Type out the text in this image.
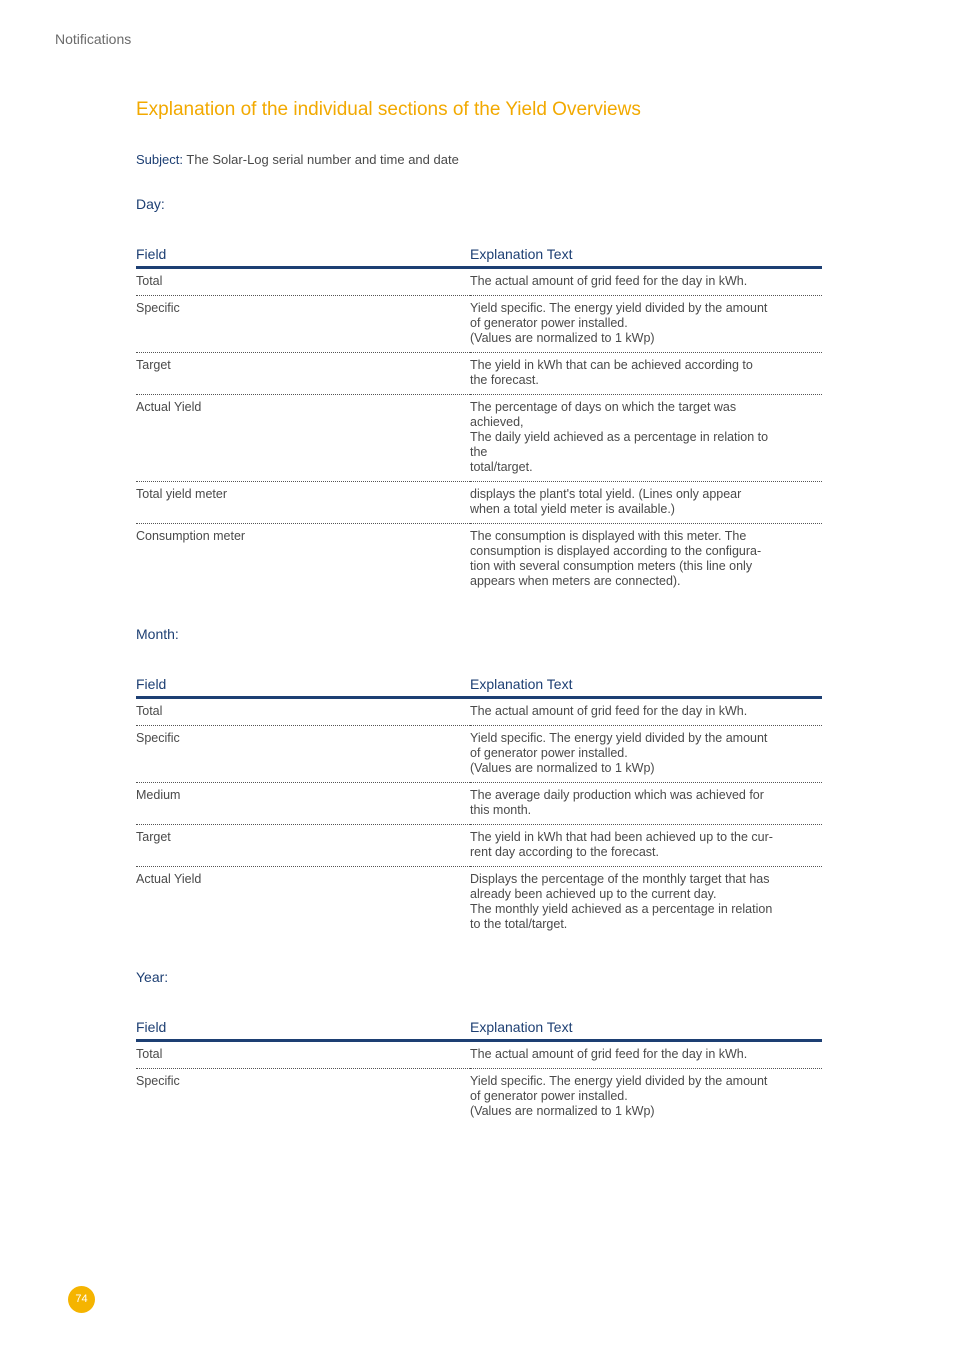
Notifications
Explanation of the individual sections of the Yield Overviews
Subject: The Solar-Log serial number and time and date
Day:
Field	Explanation Text
Total	The actual amount of grid feed for the day in kWh.
Specific	Yield specific. The energy yield divided by the amount
of generator power installed.
(Values are normalized to 1 kWp)
Target	The yield in kWh that can be achieved according to
the forecast.
Actual Yield	The percentage of days on which the target was
achieved,
The daily yield achieved as a percentage in relation to
the
total/target.
Total yield meter	displays the plant's total yield. (Lines only appear
when a total yield meter is available.)
Consumption meter	The consumption is displayed with this meter. The
consumption is displayed according to the configura-
tion with several consumption meters (this line only
appears when meters are connected).
Month:
Field	Explanation Text
Total	The actual amount of grid feed for the day in kWh.
Specific	Yield specific. The energy yield divided by the amount
of generator power installed.
(Values are normalized to 1 kWp)
Medium	The average daily production which was achieved for
this month.
Target	The yield in kWh that had been achieved up to the cur-
rent day according to the forecast.
Actual Yield	Displays the percentage of the monthly target that has
already been achieved up to the current day.
The monthly yield achieved as a percentage in relation
to the total/target.
Year:
Field	Explanation Text
Total	The actual amount of grid feed for the day in kWh.
Specific	Yield specific. The energy yield divided by the amount
of generator power installed.
(Values are normalized to 1 kWp)
74
